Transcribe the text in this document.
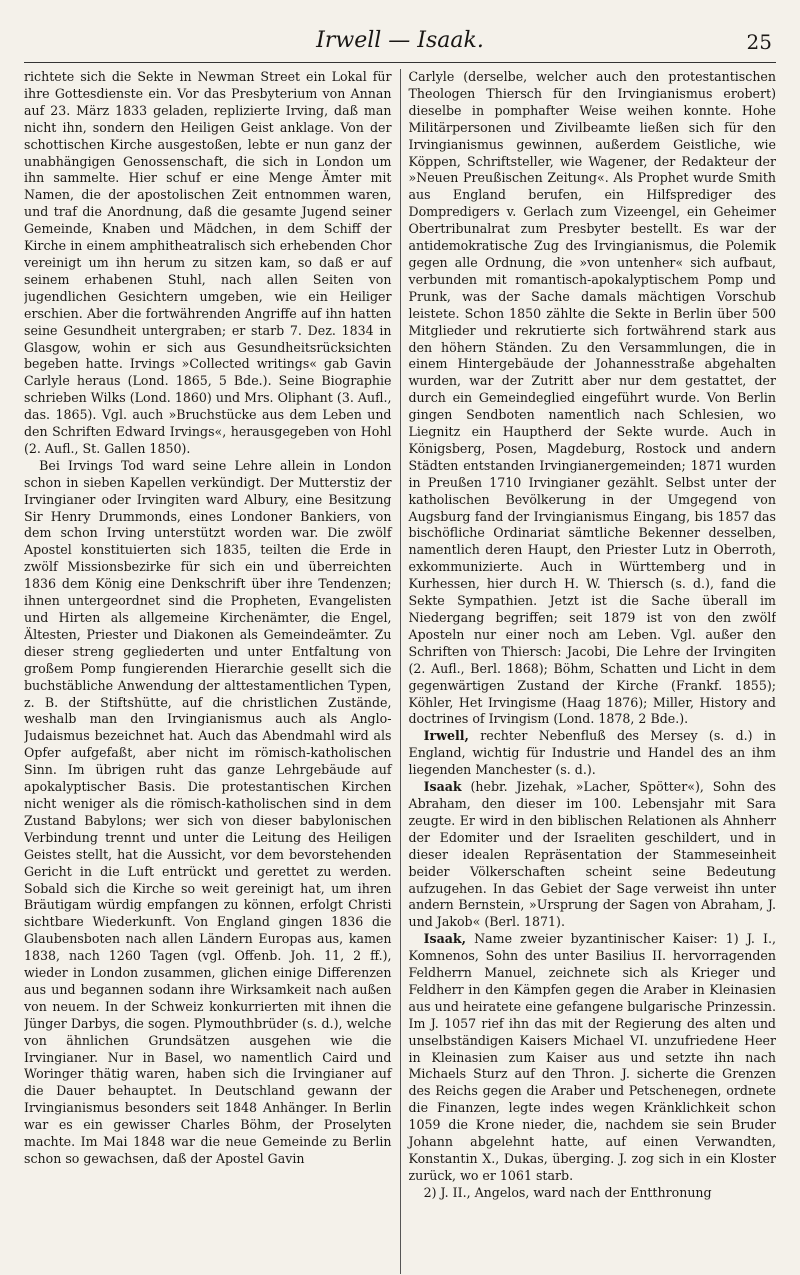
Irwell — Isaak.	25

richtete sich die Sekte in Newman Street ein Lokal für ihre Gottesdienste ein. Vor das Presbyterium von Annan auf 23. März 1833 geladen, replizierte Irving, daß man nicht ihn, sondern den Heiligen Geist anklage. Von der schottischen Kirche ausgestoßen, lebte er nun ganz der unabhängigen Genossenschaft, die sich in London um ihn sammelte. Hier schuf er eine Menge Ämter mit Namen, die der apostolischen Zeit entnommen waren, und traf die Anordnung, daß die gesamte Jugend seiner Gemeinde, Knaben und Mädchen, in dem Schiff der Kirche in einem amphitheatralisch sich erhebenden Chor vereinigt um ihn herum zu sitzen kam, so daß er auf seinem erhabenen Stuhl, nach allen Seiten von jugendlichen Gesichtern umgeben, wie ein Heiliger erschien. Aber die fortwährenden Angriffe auf ihn hatten seine Gesundheit untergraben; er starb 7. Dez. 1834 in Glasgow, wohin er sich aus Gesundheitsrücksichten begeben hatte. Irvings »Collected writings« gab Gavin Carlyle heraus (Lond. 1865, 5 Bde.). Seine Biographie schrieben Wilks (Lond. 1860) und Mrs. Oliphant (3. Aufl., das. 1865). Vgl. auch »Bruchstücke aus dem Leben und den Schriften Edward Irvings«, herausgegeben von Hohl (2. Aufl., St. Gallen 1850).

Bei Irvings Tod ward seine Lehre allein in London schon in sieben Kapellen verkündigt. Der Mutterstiz der Irvingianer oder Irvingiten ward Albury, eine Besitzung Sir Henry Drummonds, eines Londoner Bankiers, von dem schon Irving unterstützt worden war. Die zwölf Apostel konstituierten sich 1835, teilten die Erde in zwölf Missionsbezirke für sich ein und überreichten 1836 dem König eine Denkschrift über ihre Tendenzen; ihnen untergeordnet sind die Propheten, Evangelisten und Hirten als allgemeine Kirchenämter, die Engel, Ältesten, Priester und Diakonen als Gemeindeämter. Zu dieser streng gegliederten und unter Entfaltung von großem Pomp fungierenden Hierarchie gesellt sich die buchstäbliche Anwendung der alttestamentlichen Typen, z. B. der Stiftshütte, auf die christlichen Zustände, weshalb man den Irvingianismus auch als Anglo-Judaismus bezeichnet hat. Auch das Abendmahl wird als Opfer aufgefaßt, aber nicht im römisch-katholischen Sinn. Im übrigen ruht das ganze Lehrgebäude auf apokalyptischer Basis. Die protestantischen Kirchen nicht weniger als die römisch-katholischen sind in dem Zustand Babylons; wer sich von dieser babylonischen Verbindung trennt und unter die Leitung des Heiligen Geistes stellt, hat die Aussicht, vor dem bevorstehenden Gericht in die Luft entrückt und gerettet zu werden. Sobald sich die Kirche so weit gereinigt hat, um ihren Bräutigam würdig empfangen zu können, erfolgt Christi sichtbare Wiederkunft. Von England gingen 1836 die Glaubensboten nach allen Ländern Europas aus, kamen 1838, nach 1260 Tagen (vgl. Offenb. Joh. 11, 2 ff.), wieder in London zusammen, glichen einige Differenzen aus und begannen sodann ihre Wirksamkeit nach außen von neuem. In der Schweiz konkurrierten mit ihnen die Jünger Darbys, die sogen. Plymouthbrüder (s. d.), welche von ähnlichen Grundsätzen ausgehen wie die Irvingianer. Nur in Basel, wo namentlich Caird und Woringer thätig waren, haben sich die Irvingianer auf die Dauer behauptet. In Deutschland gewann der Irvingianismus besonders seit 1848 Anhänger. In Berlin war es ein gewisser Charles Böhm, der Proselyten machte. Im Mai 1848 war die neue Gemeinde zu Berlin schon so gewachsen, daß der Apostel Gavin

Carlyle (derselbe, welcher auch den protestantischen Theologen Thiersch für den Irvingianismus erobert) dieselbe in pomphafter Weise weihen konnte. Hohe Militärpersonen und Zivilbeamte ließen sich für den Irvingianismus gewinnen, außerdem Geistliche, wie Köppen, Schriftsteller, wie Wagener, der Redakteur der »Neuen Preußischen Zeitung«. Als Prophet wurde Smith aus England berufen, ein Hilfsprediger des Dompredigers v. Gerlach zum Vizeengel, ein Geheimer Obertribunalrat zum Presbyter bestellt. Es war der antidemokratische Zug des Irvingianismus, die Polemik gegen alle Ordnung, die »von untenher« sich aufbaut, verbunden mit romantisch-apokalyptischem Pomp und Prunk, was der Sache damals mächtigen Vorschub leistete. Schon 1850 zählte die Sekte in Berlin über 500 Mitglieder und rekrutierte sich fortwährend stark aus den höhern Ständen. Zu den Versammlungen, die in einem Hintergebäude der Johannesstraße abgehalten wurden, war der Zutritt aber nur dem gestattet, der durch ein Gemeindeglied eingeführt wurde. Von Berlin gingen Sendboten namentlich nach Schlesien, wo Liegnitz ein Hauptherd der Sekte wurde. Auch in Königsberg, Posen, Magdeburg, Rostock und andern Städten entstanden Irvingianergemeinden; 1871 wurden in Preußen 1710 Irvingianer gezählt. Selbst unter der katholischen Bevölkerung in der Umgegend von Augsburg fand der Irvingianismus Eingang, bis 1857 das bischöfliche Ordinariat sämtliche Bekenner desselben, namentlich deren Haupt, den Priester Lutz in Oberroth, exkommunizierte. Auch in Württemberg und in Kurhessen, hier durch H. W. Thiersch (s. d.), fand die Sekte Sympathien. Jetzt ist die Sache überall im Niedergang begriffen; seit 1879 ist von den zwölf Aposteln nur einer noch am Leben. Vgl. außer den Schriften von Thiersch: Jacobi, Die Lehre der Irvingiten (2. Aufl., Berl. 1868); Böhm, Schatten und Licht in dem gegenwärtigen Zustand der Kirche (Frankf. 1855); Köhler, Het Irvingisme (Haag 1876); Miller, History and doctrines of Irvingism (Lond. 1878, 2 Bde.).

Irwell, rechter Nebenfluß des Mersey (s. d.) in England, wichtig für Industrie und Handel des an ihm liegenden Manchester (s. d.).

Isaak (hebr. Jizehak, »Lacher, Spötter«), Sohn des Abraham, den dieser im 100. Lebensjahr mit Sara zeugte. Er wird in den biblischen Relationen als Ahnherr der Edomiter und der Israeliten geschildert, und in dieser idealen Repräsentation der Stammeseinheit beider Völkerschaften scheint seine Bedeutung aufzugehen. In das Gebiet der Sage verweist ihn unter andern Bernstein, »Ursprung der Sagen von Abraham, J. und Jakob« (Berl. 1871).

Isaak, Name zweier byzantinischer Kaiser: 1) J. I., Komnenos, Sohn des unter Basilius II. hervorragenden Feldherrn Manuel, zeichnete sich als Krieger und Feldherr in den Kämpfen gegen die Araber in Kleinasien aus und heiratete eine gefangene bulgarische Prinzessin. Im J. 1057 rief ihn das mit der Regierung des alten und unselbständigen Kaisers Michael VI. unzufriedene Heer in Kleinasien zum Kaiser aus und setzte ihn nach Michaels Sturz auf den Thron. J. sicherte die Grenzen des Reichs gegen die Araber und Petschenegen, ordnete die Finanzen, legte indes wegen Kränklichkeit schon 1059 die Krone nieder, die, nachdem sie sein Bruder Johann abgelehnt hatte, auf einen Verwandten, Konstantin X., Dukas, überging. J. zog sich in ein Kloster zurück, wo er 1061 starb.

2) J. II., Angelos, ward nach der Entthronung
